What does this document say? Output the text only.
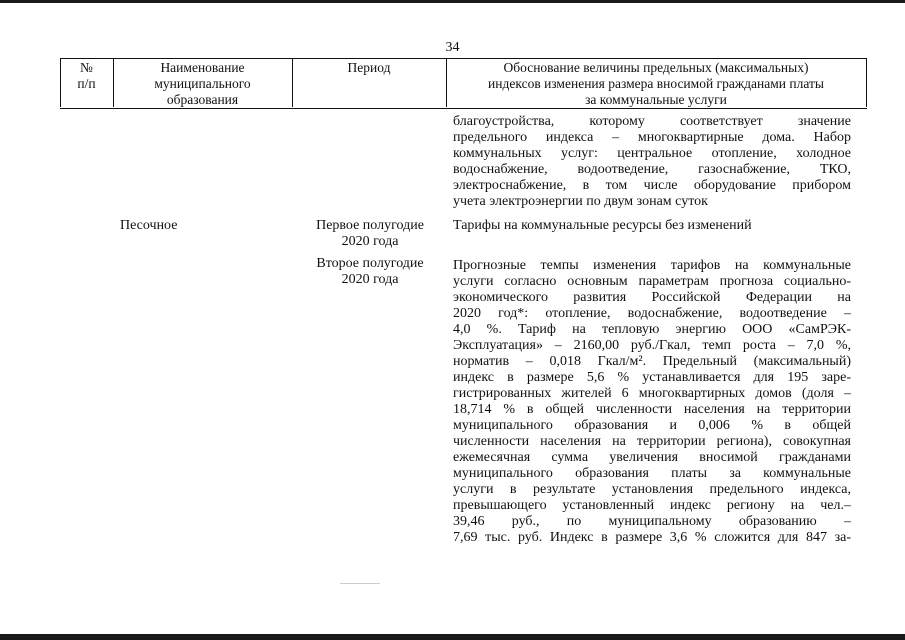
34
№
п/п
Наименование
муниципального
образования
Период	Обоснование величины предельных (максимальных)
индексов изменения размера вносимой гражданами платы
за коммунальные услуги
благоустройства, которому соответствует значение
предельного индекса – многоквартирные дома. Набор
коммунальных услуг: центральное отопление, холодное
водоснабжение, водоотведение, газоснабжение, ТКО,
электроснабжение, в том числе оборудование прибором
учета электроэнергии по двум зонам суток
Песочное	Первое полугодие
2020 года

Тарифы на коммунальные ресурсы без изменений

Второе полугодие
2020 года
Прогнозные темпы изменения тарифов на коммунальные
услуги согласно основным параметрам прогноза социально-
экономического развития Российской Федерации на
2020 год*: отопление, водоснабжение, водоотведение –
4,0 %. Тариф на тепловую энергию ООО «СамРЭК-
Эксплуатация» – 2160,00 руб./Гкал, темп роста – 7,0 %,
норматив – 0,018 Гкал/м². Предельный (максимальный)
индекс в размере 5,6 % устанавливается для 195 заре-
гистрированных жителей 6 многоквартирных домов (доля –
18,714 % в общей численности населения на территории
муниципального образования и 0,006 % в общей
численности населения на территории региона), совокупная
ежемесячная сумма увеличения вносимой гражданами
муниципального образования платы за коммунальные
услуги в результате установления предельного индекса,
превышающего установленный индекс региону на чел.–
39,46 руб., по муниципальному образованию –
7,69 тыс. руб. Индекс в размере 3,6 % сложится для 847 за-
